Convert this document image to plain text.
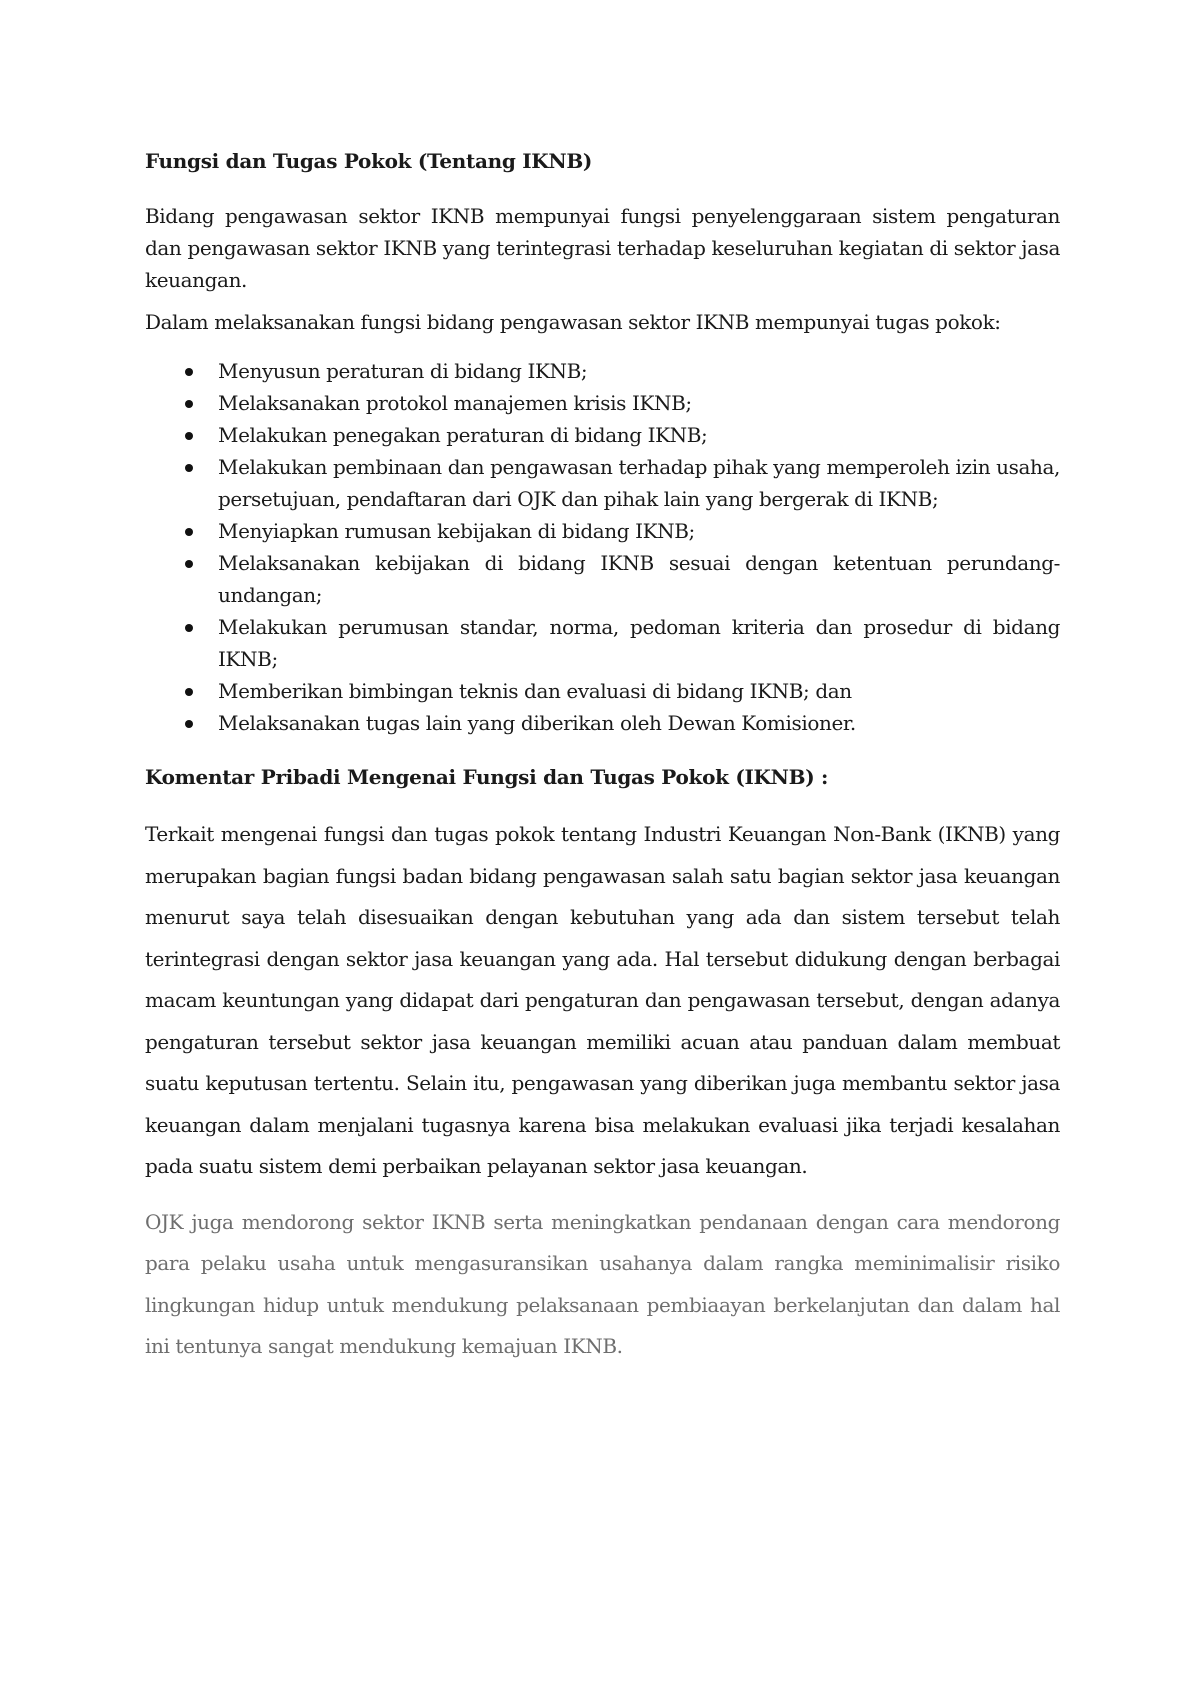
Fungsi dan Tugas Pokok (Tentang IKNB)

Bidang pengawasan sektor IKNB mempunyai fungsi penyelenggaraan sistem pengaturan dan pengawasan sektor IKNB yang terintegrasi terhadap keseluruhan kegiatan di sektor jasa keuangan.

Dalam melaksanakan fungsi bidang pengawasan sektor IKNB mempunyai tugas pokok:

Menyusun peraturan di bidang IKNB;
Melaksanakan protokol manajemen krisis IKNB;
Melakukan penegakan peraturan di bidang IKNB;
Melakukan pembinaan dan pengawasan terhadap pihak yang memperoleh izin usaha, persetujuan, pendaftaran dari OJK dan pihak lain yang bergerak di IKNB;
Menyiapkan rumusan kebijakan di bidang IKNB;
Melaksanakan kebijakan di bidang IKNB sesuai dengan ketentuan perundang-undangan;
Melakukan perumusan standar, norma, pedoman kriteria dan prosedur di bidang IKNB;
Memberikan bimbingan teknis dan evaluasi di bidang IKNB; dan
Melaksanakan tugas lain yang diberikan oleh Dewan Komisioner.

Komentar Pribadi Mengenai Fungsi dan Tugas Pokok (IKNB) :

Terkait mengenai fungsi dan tugas pokok tentang Industri Keuangan Non-Bank (IKNB) yang merupakan bagian fungsi badan bidang pengawasan salah satu bagian sektor jasa keuangan menurut saya telah disesuaikan dengan kebutuhan yang ada dan sistem tersebut telah terintegrasi dengan sektor jasa keuangan yang ada. Hal tersebut didukung dengan berbagai macam keuntungan yang didapat dari pengaturan dan pengawasan tersebut, dengan adanya pengaturan tersebut sektor jasa keuangan memiliki acuan atau panduan dalam membuat suatu keputusan tertentu. Selain itu, pengawasan yang diberikan juga membantu sektor jasa keuangan dalam menjalani tugasnya karena bisa melakukan evaluasi jika terjadi kesalahan pada suatu sistem demi perbaikan pelayanan sektor jasa keuangan.

OJK juga mendorong sektor IKNB serta meningkatkan pendanaan dengan cara mendorong para pelaku usaha untuk mengasuransikan usahanya dalam rangka meminimalisir risiko lingkungan hidup untuk mendukung pelaksanaan pembiaayan berkelanjutan dan dalam hal ini tentunya sangat mendukung kemajuan IKNB.
